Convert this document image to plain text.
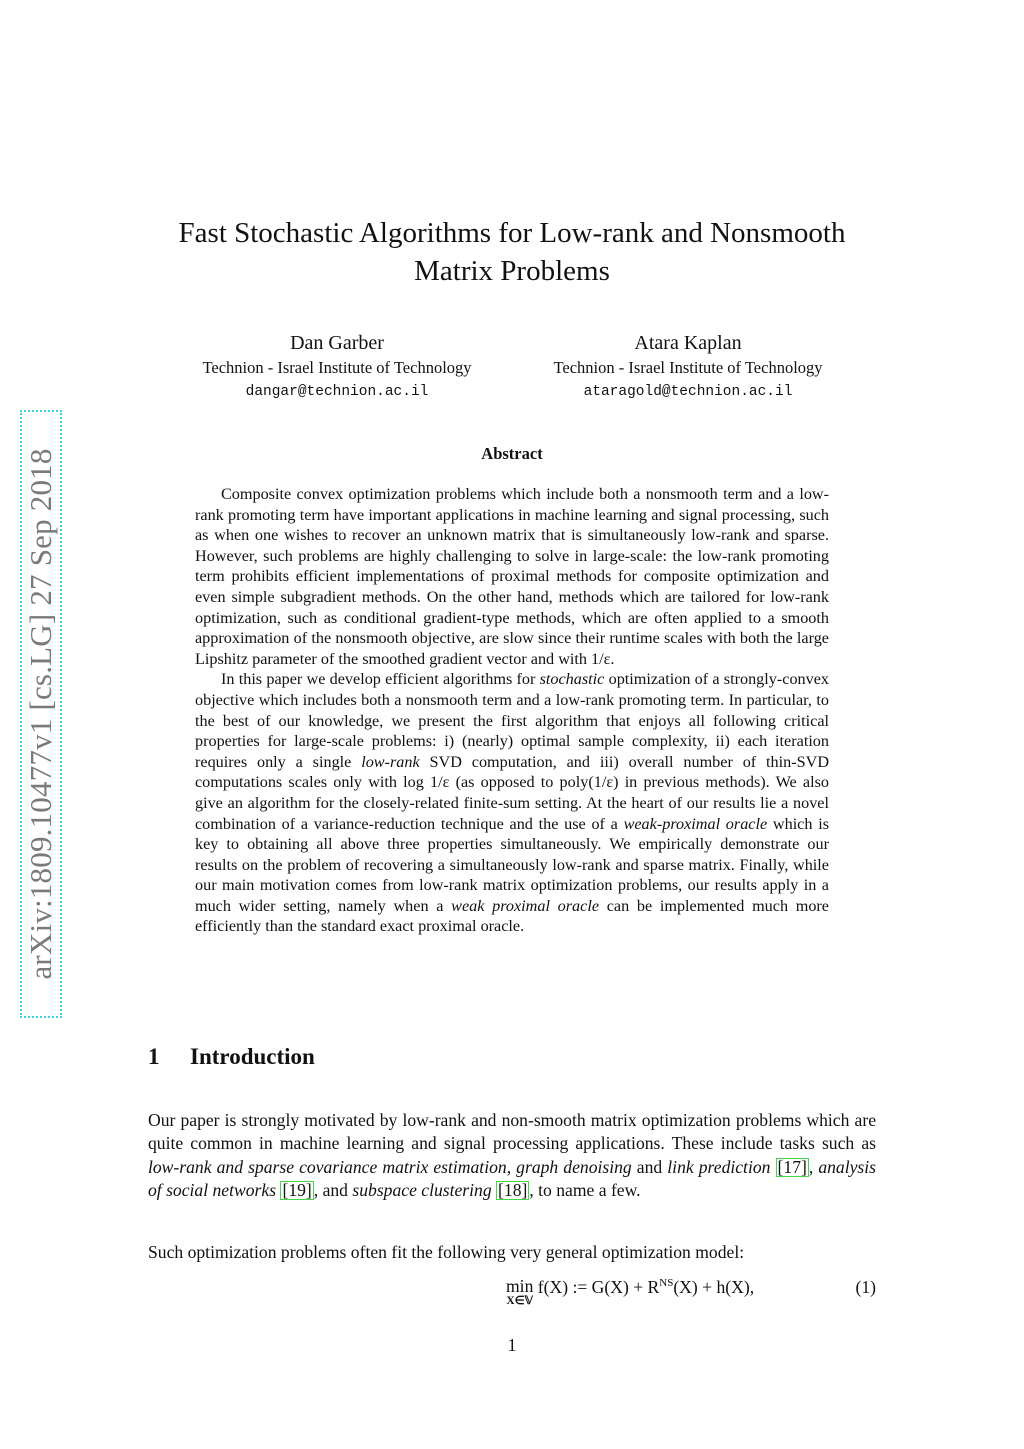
arXiv:1809.10477v1 [cs.LG] 27 Sep 2018
Fast Stochastic Algorithms for Low-rank and Nonsmooth
Matrix Problems
Dan Garber
Technion - Israel Institute of Technology
dangar@technion.ac.il
Atara Kaplan
Technion - Israel Institute of Technology
ataragold@technion.ac.il
Abstract

Composite convex optimization problems which include both a nonsmooth term and a low-rank promoting term have important applications in machine learning and signal processing, such as when one wishes to recover an unknown matrix that is simultaneously low-rank and sparse. However, such problems are highly challenging to solve in large-scale: the low-rank promoting term prohibits efficient implementations of proximal methods for composite optimization and even simple subgradient methods. On the other hand, methods which are tailored for low-rank optimization, such as conditional gradient-type methods, which are often applied to a smooth approximation of the nonsmooth objective, are slow since their runtime scales with both the large Lipshitz parameter of the smoothed gradient vector and with 1/ε.

In this paper we develop efficient algorithms for stochastic optimization of a strongly-convex objective which includes both a nonsmooth term and a low-rank promoting term. In particular, to the best of our knowledge, we present the first algorithm that enjoys all following critical properties for large-scale problems: i) (nearly) optimal sample complexity, ii) each iteration requires only a single low-rank SVD computation, and iii) overall number of thin-SVD computations scales only with log 1/ε (as opposed to poly(1/ε) in previous methods). We also give an algorithm for the closely-related finite-sum setting. At the heart of our results lie a novel combination of a variance-reduction technique and the use of a weak-proximal oracle which is key to obtaining all above three properties simultaneously. We empirically demonstrate our results on the problem of recovering a simultaneously low-rank and sparse matrix. Finally, while our main motivation comes from low-rank matrix optimization problems, our results apply in a much wider setting, namely when a weak proximal oracle can be implemented much more efficiently than the standard exact proximal oracle.

1 Introduction

Our paper is strongly motivated by low-rank and non-smooth matrix optimization problems which are quite common in machine learning and signal processing applications. These include tasks such as low-rank and sparse covariance matrix estimation, graph denoising and link prediction [17] , analysis of social networks [19] , and subspace clustering [18] , to name a few.

Such optimization problems often fit the following very general optimization model:

min
X∈𝕍
f(X) := $G(X) + R^{NS}(X) + h(X)$,	(1)
1
